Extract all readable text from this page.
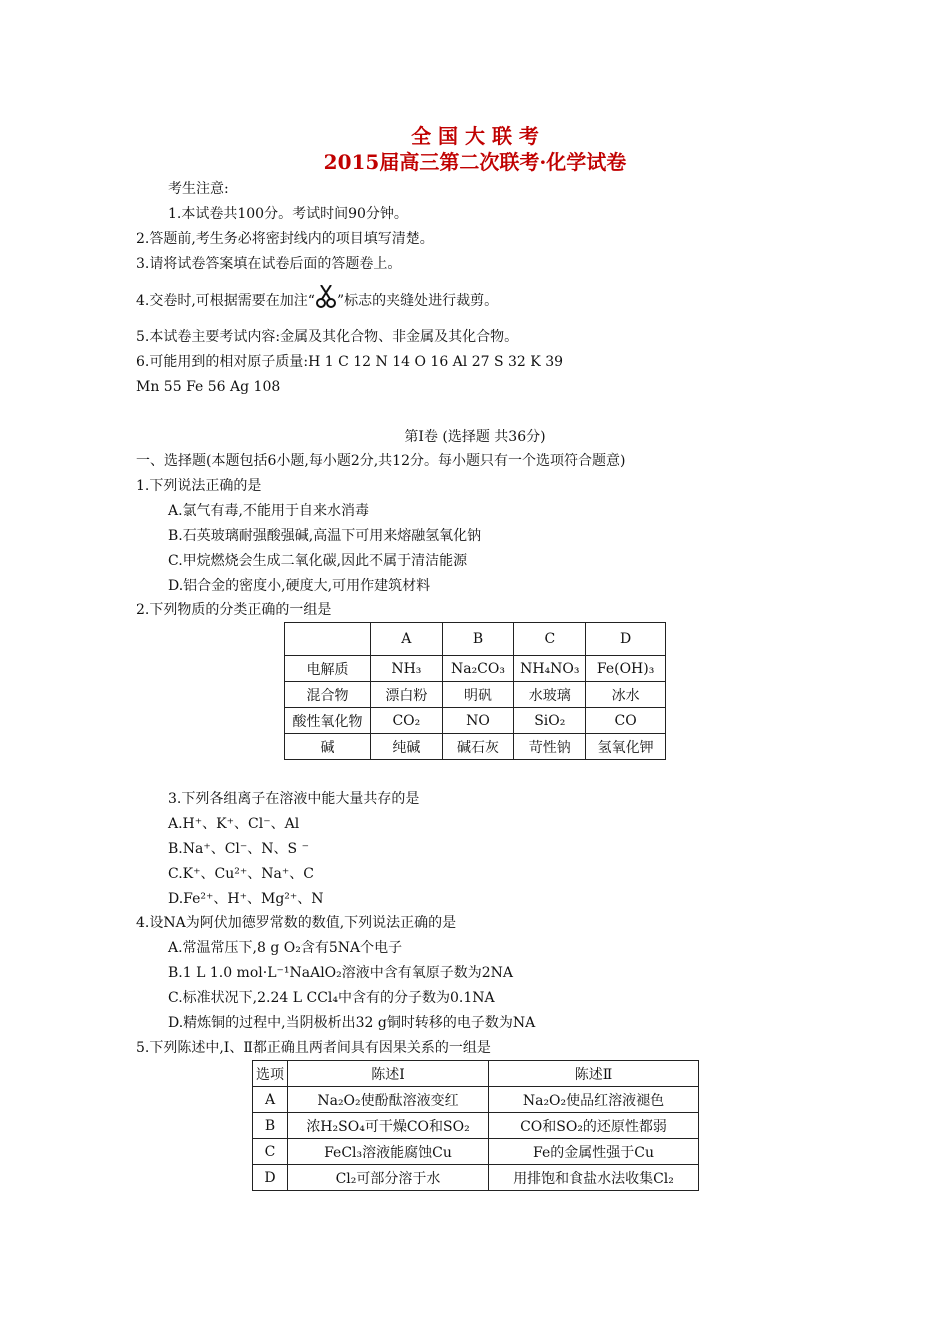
全 国 大 联 考
2015届高三第二次联考·化学试卷
考生注意:
1.本试卷共100分。考试时间90分钟。
2.答题前,考生务必将密封线内的项目填写清楚。
3.请将试卷答案填在试卷后面的答题卷上。
4.交卷时,可根据需要在加注“ ”标志的夹缝处进行裁剪。
5.本试卷主要考试内容:金属及其化合物、非金属及其化合物。
6.可能用到的相对原子质量:H 1 C 12 N 14 O 16 Al 27 S 32 K 39
Mn 55 Fe 56 Ag 108
第Ⅰ卷 (选择题 共36分)
一、选择题(本题包括6小题,每小题2分,共12分。每小题只有一个选项符合题意)
1.下列说法正确的是
A.氯气有毒,不能用于自来水消毒
B.石英玻璃耐强酸强碱,高温下可用来熔融氢氧化钠
C.甲烷燃烧会生成二氧化碳,因此不属于清洁能源
D.铝合金的密度小,硬度大,可用作建筑材料
2.下列物质的分类正确的一组是
	A	B	C	D
电解质	NH₃	Na₂CO₃	NH₄NO₃	Fe(OH)₃
混合物	漂白粉	明矾	水玻璃	冰水
酸性氧化物	CO₂	NO	SiO₂	CO
碱	纯碱	碱石灰	苛性钠	氢氧化钾
3.下列各组离子在溶液中能大量共存的是
A.H⁺、K⁺、Cl⁻、Al
B.Na⁺、Cl⁻、N、S ⁻
C.K⁺、Cu²⁺、Na⁺、C
D.Fe²⁺、H⁺、Mg²⁺、N
4.设NA为阿伏加德罗常数的数值,下列说法正确的是
A.常温常压下,8 g O₂含有5NA个电子
B.1 L 1.0 mol·L⁻¹NaAlO₂溶液中含有氧原子数为2NA
C.标准状况下,2.24 L CCl₄中含有的分子数为0.1NA
D.精炼铜的过程中,当阴极析出32 g铜时转移的电子数为NA
5.下列陈述中,Ⅰ、Ⅱ都正确且两者间具有因果关系的一组是
选项	陈述Ⅰ	陈述Ⅱ
A	Na₂O₂使酚酞溶液变红	Na₂O₂使品红溶液褪色
B	浓H₂SO₄可干燥CO和SO₂	CO和SO₂的还原性都弱
C	FeCl₃溶液能腐蚀Cu	Fe的金属性强于Cu
D	Cl₂可部分溶于水	用排饱和食盐水法收集Cl₂
